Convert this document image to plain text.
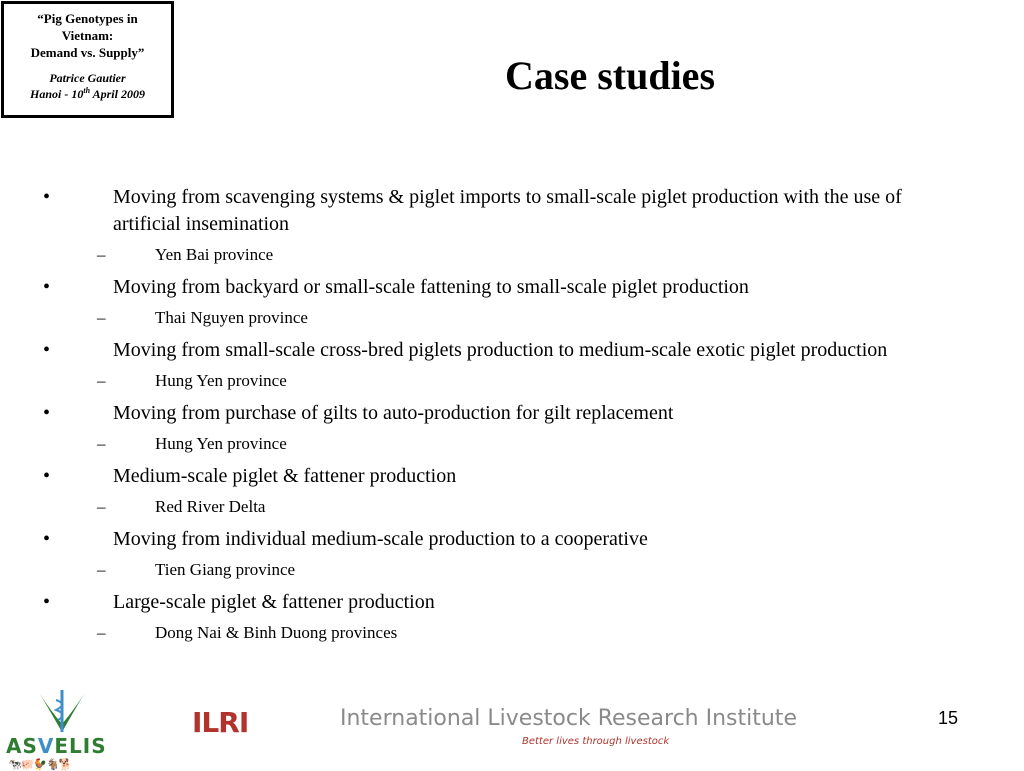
“Pig Genotypes in
Vietnam:
Demand vs. Supply”
Patrice Gautier
Hanoi - 10th April 2009	Case studies
•	Moving from scavenging systems & piglet imports to small-scale piglet production with the use of artificial insemination
–	Yen Bai province
•	Moving from backyard or small-scale fattening to small-scale piglet production
–	Thai Nguyen province
•	Moving from small-scale cross-bred piglets production to medium-scale exotic piglet production
–	Hung Yen province
•	Moving from purchase of gilts to auto-production for gilt replacement
–	Hung Yen province
•	Medium-scale piglet & fattener production
–	Red River Delta
•	Moving from individual medium-scale production to a cooperative
–	Tien Giang province
•	Large-scale piglet & fattener production
–	Dong Nai & Binh Duong provinces
ASVELIS
🐄🐖🐓🐐🐕
ILRI	International Livestock Research Institute
Better lives through livestock
15
